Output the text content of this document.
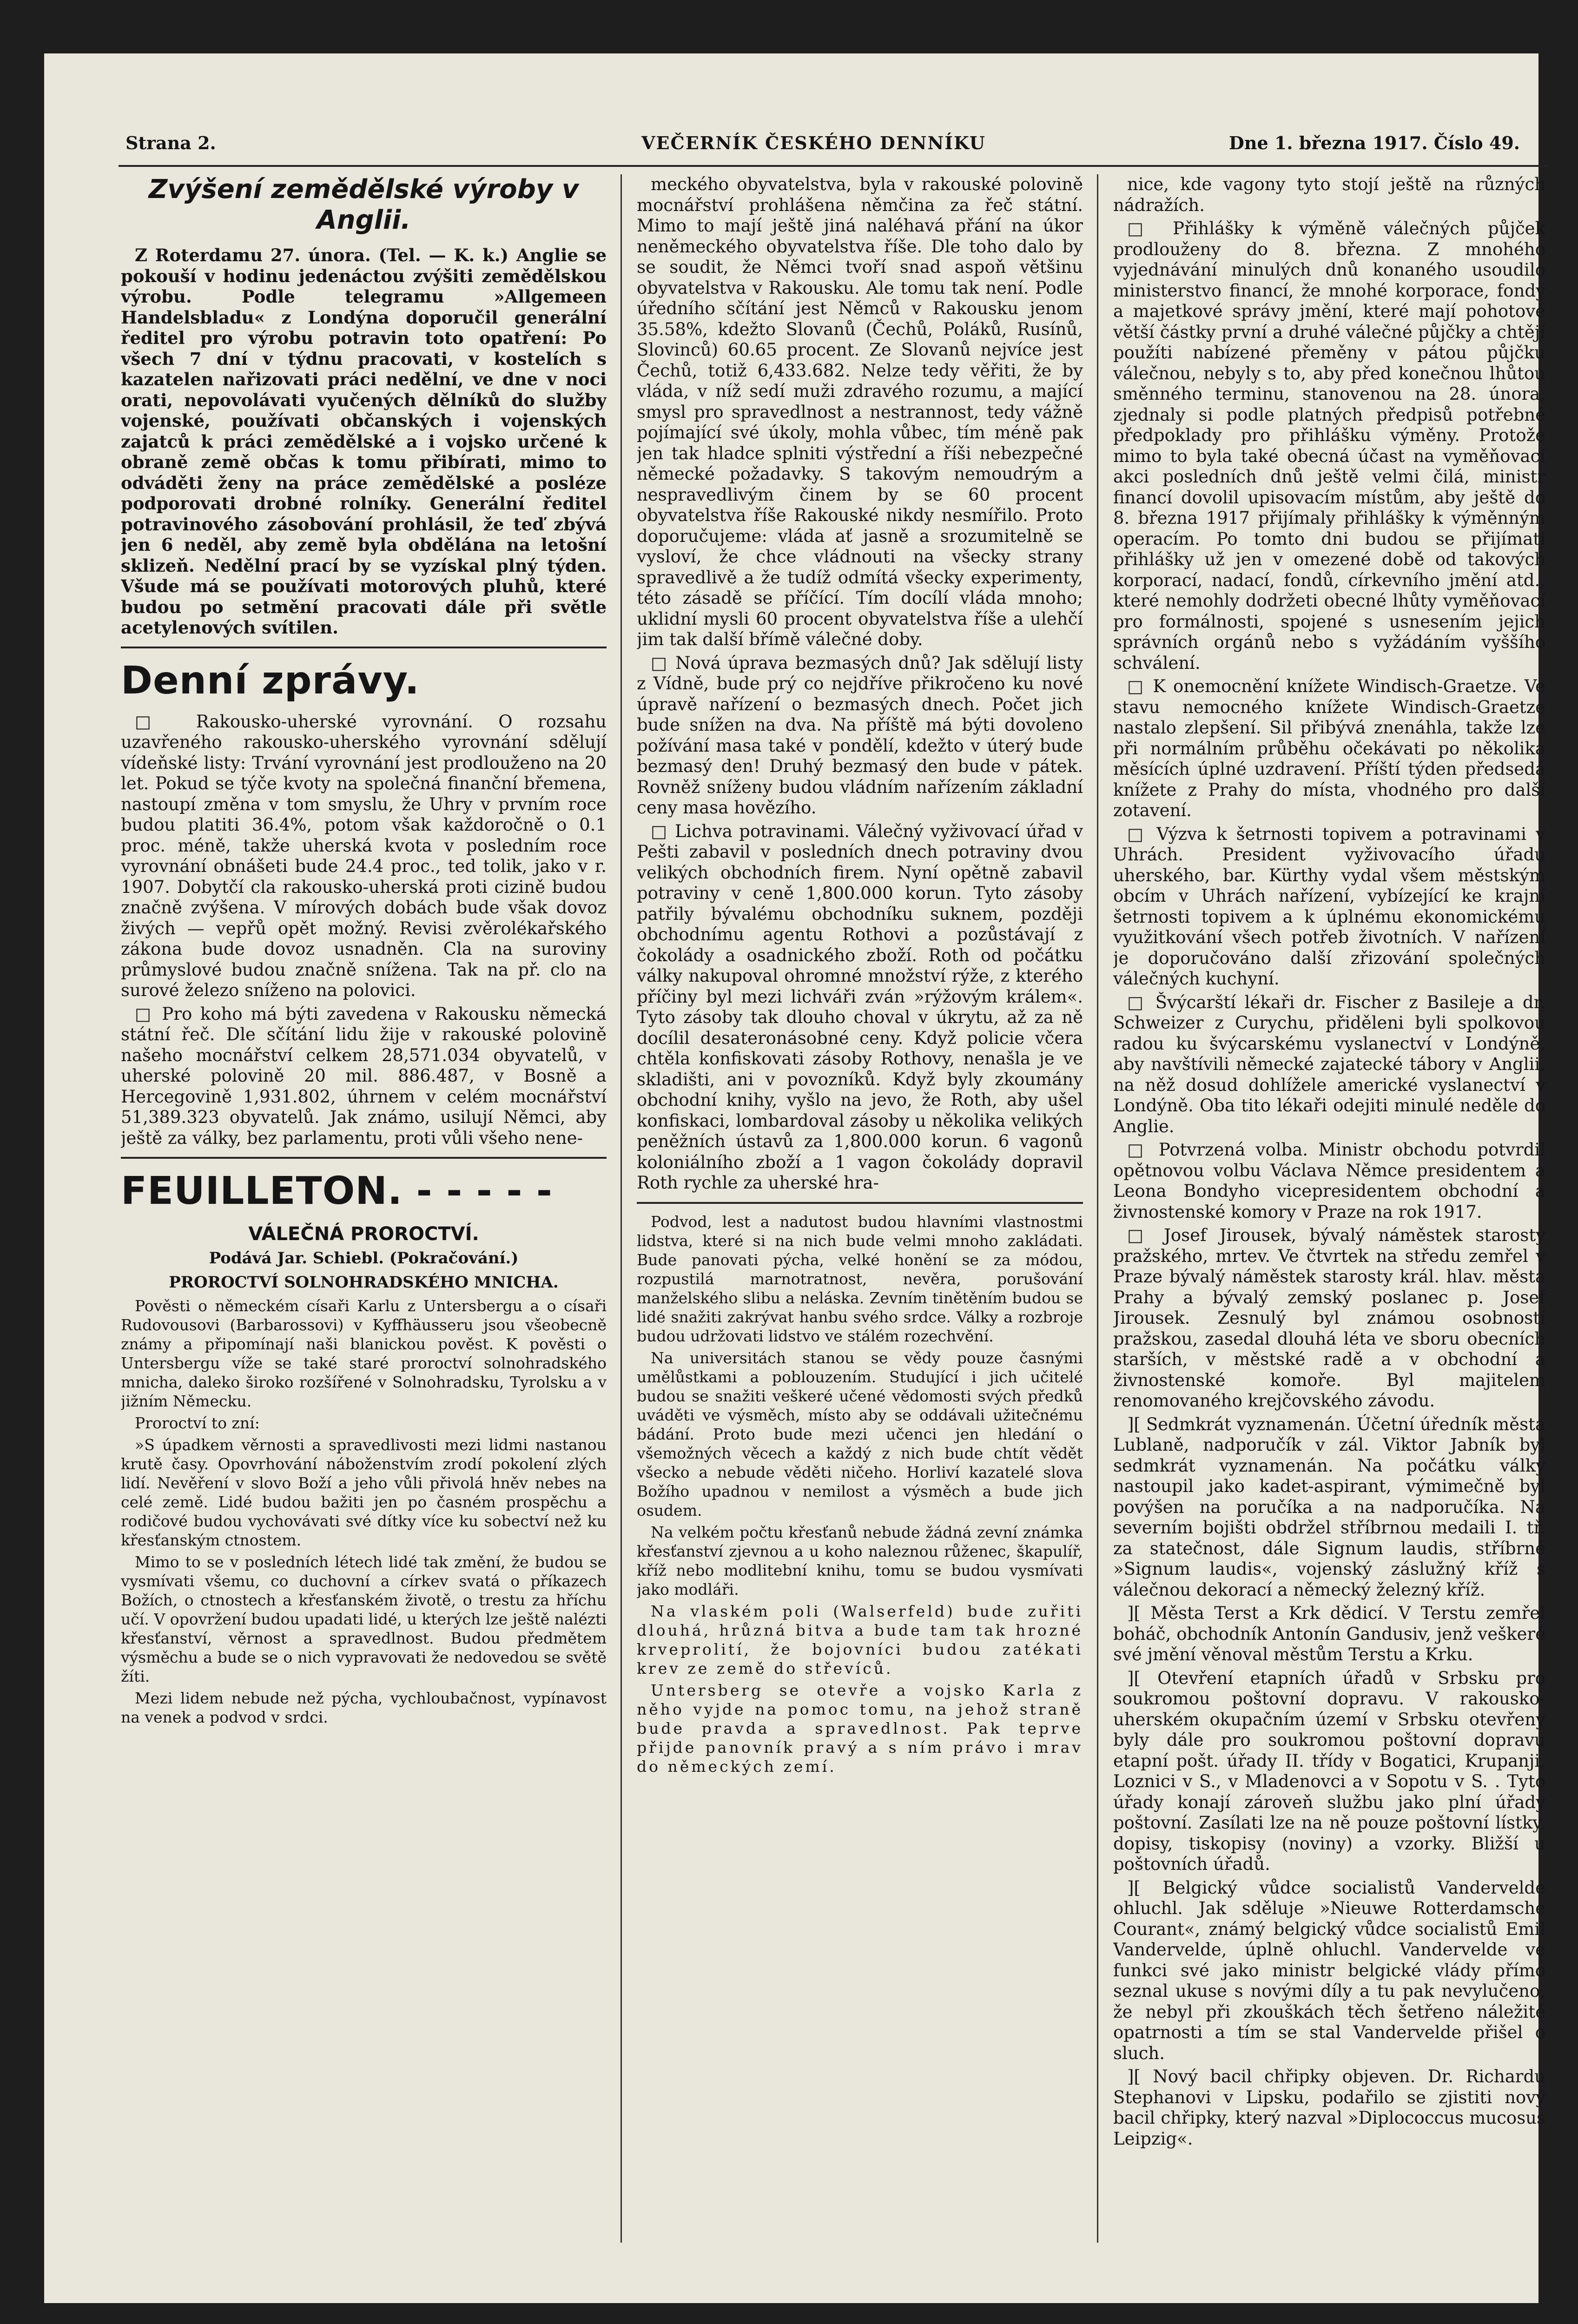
Strana 2.	VEČERNÍK ČESKÉHO DENNÍKU	Dne 1. března 1917. Číslo 49.
Zvýšení zemědělské výroby v Anglii.

Z Roterdamu 27. února. (Tel. — K. k.) Anglie se pokouší v hodinu jedenáctou zvýšiti zemědělskou výrobu. Podle telegramu »Allgemeen Handelsbladu« z Londýna doporučil generální ředitel pro výrobu potravin toto opatření: Po všech 7 dní v týdnu pracovati, v kostelích s kazatelen nařizovati práci nedělní, ve dne v noci orati, nepovolávati vyučených dělníků do služby vojenské, používati občanských i vojenských zajatců k práci zemědělské a i vojsko určené k obraně země občas k tomu přibírati, mimo to odváděti ženy na práce zemědělské a posléze podporovati drobné rolníky. Generální ředitel potravinového zásobování prohlásil, že teď zbývá jen 6 neděl, aby země byla obdělána na letošní sklizeň. Nedělní prací by se vyzískal plný týden. Všude má se používati motorových pluhů, které budou po setmění pracovati dále při světle acetylenových svítilen.

Denní zprávy.

□ Rakousko-uherské vyrovnání. O rozsahu uzavřeného rakousko-uherského vyrovnání sdělují vídeňské listy: Trvání vyrovnání jest prodlouženo na 20 let. Pokud se týče kvoty na společná finanční břemena, nastoupí změna v tom smyslu, že Uhry v prvním roce budou platiti 36.4%, potom však každoročně o 0.1 proc. méně, takže uherská kvota v posledním roce vyrovnání obnášeti bude 24.4 proc., ted tolik, jako v r. 1907. Dobytčí cla rakousko-uherská proti cizině budou značně zvýšena. V mírových dobách bude však dovoz živých — vepřů opět možný. Revisi zvěrolékařského zákona bude dovoz usnadněn. Cla na suroviny průmyslové budou značně snížena. Tak na př. clo na surové železo sníženo na polovici.

□ Pro koho má býti zavedena v Rakousku německá státní řeč. Dle sčítání lidu žije v rakouské polovině našeho mocnářství celkem 28,571.034 obyvatelů, v uherské polovině 20 mil. 886.487, v Bosně a Hercegovině 1,931.802, úhrnem v celém mocnářství 51,389.323 obyvatelů. Jak známo, usilují Němci, aby ještě za války, bez parlamentu, proti vůli všeho nene-

FEUILLETON. - - - - -
VÁLEČNÁ PROROCTVÍ.
Podává Jar. Schiebl. (Pokračování.)
PROROCTVÍ SOLNOHRADSKÉHO MNICHA.

Pověsti o německém císaři Karlu z Untersbergu a o císaři Rudovousovi (Barbarossovi) v Kyffhäusseru jsou všeobecně známy a připomínají naši blanickou pověst. K pověsti o Untersbergu víže se také staré proroctví solnohradského mnicha, daleko široko rozšířené v Solnohradsku, Tyrolsku a v jižním Německu.

Proroctví to zní:

»S úpadkem věrnosti a spravedlivosti mezi lidmi nastanou krutě časy. Opovrhování náboženstvím zrodí pokolení zlých lidí. Nevěření v slovo Boží a jeho vůli přivolá hněv nebes na celé země. Lidé budou bažiti jen po časném prospěchu a rodičové budou vychovávati své dítky více ku sobectví než ku křesťanským ctnostem.

Mimo to se v posledních létech lidé tak změní, že budou se vysmívati všemu, co duchovní a církev svatá o příkazech Božích, o ctnostech a křesťanském životě, o trestu za hříchu učí. V opovržení budou upadati lidé, u kterých lze ještě nalézti křesťanství, věrnost a spravedlnost. Budou předmětem výsměchu a bude se o nich vypravovati že nedovedou se světě žíti.

Mezi lidem nebude než pýcha, vychloubačnost, vypínavost na venek a podvod v srdci.

meckého obyvatelstva, byla v rakouské polovině mocnářství prohlášena němčina za řeč státní. Mimo to mají ještě jiná naléhavá přání na úkor neněmeckého obyvatelstva říše. Dle toho dalo by se soudit, že Němci tvoří snad aspoň většinu obyvatelstva v Rakousku. Ale tomu tak není. Podle úředního sčítání jest Němců v Rakousku jenom 35.58%, kdežto Slovanů (Čechů, Poláků, Rusínů, Slovinců) 60.65 procent. Ze Slovanů nejvíce jest Čechů, totiž 6,433.682. Nelze tedy věřiti, že by vláda, v níž sedí muži zdravého rozumu, a mající smysl pro spravedlnost a nestrannost, tedy vážně pojímající své úkoly, mohla vůbec, tím méně pak jen tak hladce splniti výstřední a říši nebezpečné německé požadavky. S takovým nemoudrým a nespravedlivým činem by se 60 procent obyvatelstva říše Rakouské nikdy nesmířilo. Proto doporučujeme: vláda ať jasně a srozumitelně se vysloví, že chce vládnouti na všecky strany spravedlivě a že tudíž odmítá všecky experimenty, této zásadě se příčící. Tím docílí vláda mnoho; uklidní mysli 60 procent obyvatelstva říše a ulehčí jim tak další břímě válečné doby.

□ Nová úprava bezmasých dnů? Jak sdělují listy z Vídně, bude prý co nejdříve přikročeno ku nové úpravě nařízení o bezmasých dnech. Počet jich bude snížen na dva. Na příště má býti dovoleno požívání masa také v pondělí, kdežto v úterý bude bezmasý den! Druhý bezmasý den bude v pátek. Rovněž sníženy budou vládním nařízením základní ceny masa hovězího.

□ Lichva potravinami. Válečný vyživovací úřad v Pešti zabavil v posledních dnech potraviny dvou velikých obchodních firem. Nyní opětně zabavil potraviny v ceně 1,800.000 korun. Tyto zásoby patřily bývalému obchodníku suknem, později obchodnímu agentu Rothovi a pozůstávají z čokolády a osadnického zboží. Roth od počátku války nakupoval ohromné množství rýže, z kterého příčiny byl mezi lichváři zván »rýžovým králem«. Tyto zásoby tak dlouho choval v úkrytu, až za ně docílil desateronásobné ceny. Když policie včera chtěla konfiskovati zásoby Rothovy, nenašla je ve skladišti, ani v povozníků. Když byly zkoumány obchodní knihy, vyšlo na jevo, že Roth, aby ušel konfiskaci, lombardoval zásoby u několika velikých peněžních ústavů za 1,800.000 korun. 6 vagonů koloniálního zboží a 1 vagon čokolády dopravil Roth rychle za uherské hra-

Podvod, lest a nadutost budou hlavními vlastnostmi lidstva, které si na nich bude velmi mnoho zakládati. Bude panovati pýcha, velké honění se za módou, rozpustilá marnotratnost, nevěra, porušování manželského slibu a neláska. Zevním tinětěním budou se lidé snažiti zakrývat hanbu svého srdce. Války a rozbroje budou udržovati lidstvo ve stálém rozechvění.

Na universitách stanou se vědy pouze časnými umělůstkami a poblouzením. Studující i jich učitelé budou se snažiti veškeré učené vědomosti svých předků uváděti ve výsměch, místo aby se oddávali užitečnému bádání. Proto bude mezi učenci jen hledání o všemožných věcech a každý z nich bude chtít vědět všecko a nebude věděti ničeho. Horliví kazatelé slova Božího upadnou v nemilost a výsměch a bude jich osudem.

Na velkém počtu křesťanů nebude žádná zevní známka křesťanství zjevnou a u koho naleznou růženec, škapulíř, kříž nebo modlitební knihu, tomu se budou vysmívati jako modláři.

Na vlaském poli (Walserfeld) bude zuřiti dlouhá, hrůzná bitva a bude tam tak hrozné krveprolití, že bojovníci budou zatékati krev ze země do střevíců.

Untersberg se otevře a vojsko Karla z něho vyjde na pomoc tomu, na jehož straně bude pravda a spravedlnost. Pak teprve přijde panovník pravý a s ním právo i mrav do německých zemí.

nice, kde vagony tyto stojí ještě na různých nádražích.

□ Přihlášky k výměně válečných půjček prodlouženy do 8. března. Z mnohého vyjednávání minulých dnů konaného usoudilo ministerstvo financí, že mnohé korporace, fondy a majetkové správy jmění, které mají pohotové větší částky první a druhé válečné půjčky a chtějí použíti nabízené přeměny v pátou půjčku válečnou, nebyly s to, aby před konečnou lhůtou směnného terminu, stanovenou na 28. února, zjednaly si podle platných předpisů potřebné předpoklady pro přihlášku výměny. Protože mimo to byla také obecná účast na vyměňovací akci posledních dnů ještě velmi čilá, ministr financí dovolil upisovacím místům, aby ještě do 8. března 1917 přijímaly přihlášky k výměnným operacím. Po tomto dni budou se přijímati přihlášky už jen v omezené době od takových korporací, nadací, fondů, církevního jmění atd., které nemohly dodržeti obecné lhůty vyměňovací pro formálnosti, spojené s usnesením jejich správních orgánů nebo s vyžádáním vyššího schválení.

□ K onemocnění knížete Windisch-Graetze. Ve stavu nemocného knížete Windisch-Graetze nastalo zlepšení. Sil přibývá znenáhla, takže lze při normálním průběhu očekávati po několika měsících úplné uzdravení. Příští týden předsedá knížete z Prahy do místa, vhodného pro další zotavení.

□ Výzva k šetrnosti topivem a potravinami v Uhrách. President vyživovacího úřadu uherského, bar. Kürthy vydal všem městským obcím v Uhrách nařízení, vybízející ke krajní šetrnosti topivem a k úplnému ekonomickému využitkování všech potřeb životních. V nařízení je doporučováno další zřizování společných válečných kuchyní.

□ Švýcarští lékaři dr. Fischer z Basileje a dr. Schweizer z Curychu, přiděleni byli spolkovou radou ku švýcarskému vyslanectví v Londýně, aby navštívili německé zajatecké tábory v Anglii, na něž dosud dohlížele americké vyslanectví v Londýně. Oba tito lékaři odejiti minulé neděle do Anglie.

□ Potvrzená volba. Ministr obchodu potvrdil opětnovou volbu Václava Němce presidentem a Leona Bondyho vicepresidentem obchodní a živnostenské komory v Praze na rok 1917.

□ Josef Jirousek, bývalý náměstek starosty pražského, mrtev. Ve čtvrtek na středu zemřel v Praze bývalý náměstek starosty král. hlav. města Prahy a bývalý zemský poslanec p. Josef Jirousek. Zesnulý byl známou osobností pražskou, zasedal dlouhá léta ve sboru obecních starších, v městské radě a v obchodní a živnostenské komoře. Byl majitelem renomovaného krejčovského závodu.

][ Sedmkrát vyznamenán. Účetní úředník města Lublaně, nadporučík v zál. Viktor Jabník byl sedmkrát vyznamenán. Na počátku války nastoupil jako kadet-aspirant, výmimečně byl povýšen na poručíka a na nadporučíka. Na severním bojišti obdržel stříbrnou medaili I. tř. za statečnost, dále Signum laudis, stříbrné »Signum laudis«, vojenský záslužný kříž s válečnou dekorací a německý železný kříž.

][ Města Terst a Krk dědicí. V Terstu zemřel boháč, obchodník Antonín Gandusiv, jenž veškeré své jmění věnoval městům Terstu a Krku.

][ Otevření etapních úřadů v Srbsku pro soukromou poštovní dopravu. V rakousko-uherském okupačním území v Srbsku otevřeny byly dále pro soukromou poštovní dopravu etapní pošt. úřady II. třídy v Bogatici, Krupanji, Loznici v S., v Mladenovci a v Sopotu v S. . Tyto úřady konají zároveň službu jako plní úřady poštovní. Zasílati lze na ně pouze poštovní lístky, dopisy, tiskopisy (noviny) a vzorky. Bližší u poštovních úřadů.

][ Belgický vůdce socialistů Vandervelde ohluchl. Jak sděluje »Nieuwe Rotterdamsche Courant«, známý belgický vůdce socialistů Emil Vandervelde, úplně ohluchl. Vandervelde ve funkci své jako ministr belgické vlády přímo seznal ukuse s novými díly a tu pak nevylučeno, že nebyl při zkouškách těch šetřeno náležité opatrnosti a tím se stal Vandervelde přišel o sluch.

][ Nový bacil chřipky objeven. Dr. Richardu Stephanovi v Lipsku, podařilo se zjistiti nový bacil chřipky, který nazval »Diplococcus mucosus Leipzig«.
